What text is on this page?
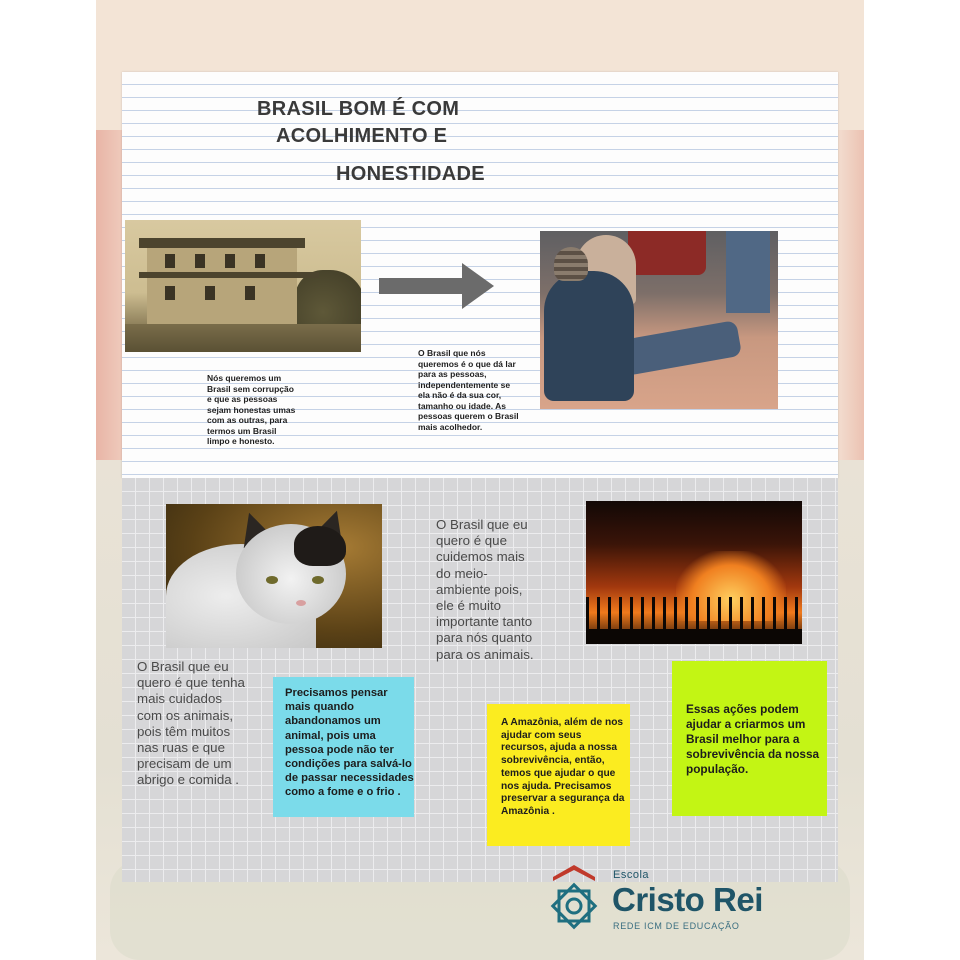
BRASIL BOM É COM
ACOLHIMENTO E
HONESTIDADE

Nós queremos um Brasil sem corrupção e que as pessoas sejam honestas umas com as outras, para termos um Brasil limpo e honesto.

O Brasil que nós queremos é o que dá lar para as pessoas, independentemente se ela não é da sua cor, tamanho ou idade. As pessoas querem o Brasil mais acolhedor.

O Brasil que eu quero é que cuidemos mais do meio-ambiente pois, ele é muito importante tanto para nós quanto para os animais.

O Brasil que eu quero é que tenha mais cuidados com os animais, pois têm muitos nas ruas e que precisam de um abrigo e comida .

Precisamos pensar mais quando abandonamos um animal, pois uma pessoa pode não ter condições para salvá-lo de passar necessidades como a fome e o frio .

A Amazônia, além de nos ajudar com seus recursos, ajuda a nossa sobrevivência, então, temos que ajudar o que nos ajuda. Precisamos preservar a segurança da Amazônia .

Essas ações podem ajudar a criarmos um Brasil melhor para a sobrevivência da nossa população.

Escola

Cristo Rei

REDE ICM DE EDUCAÇÃO
